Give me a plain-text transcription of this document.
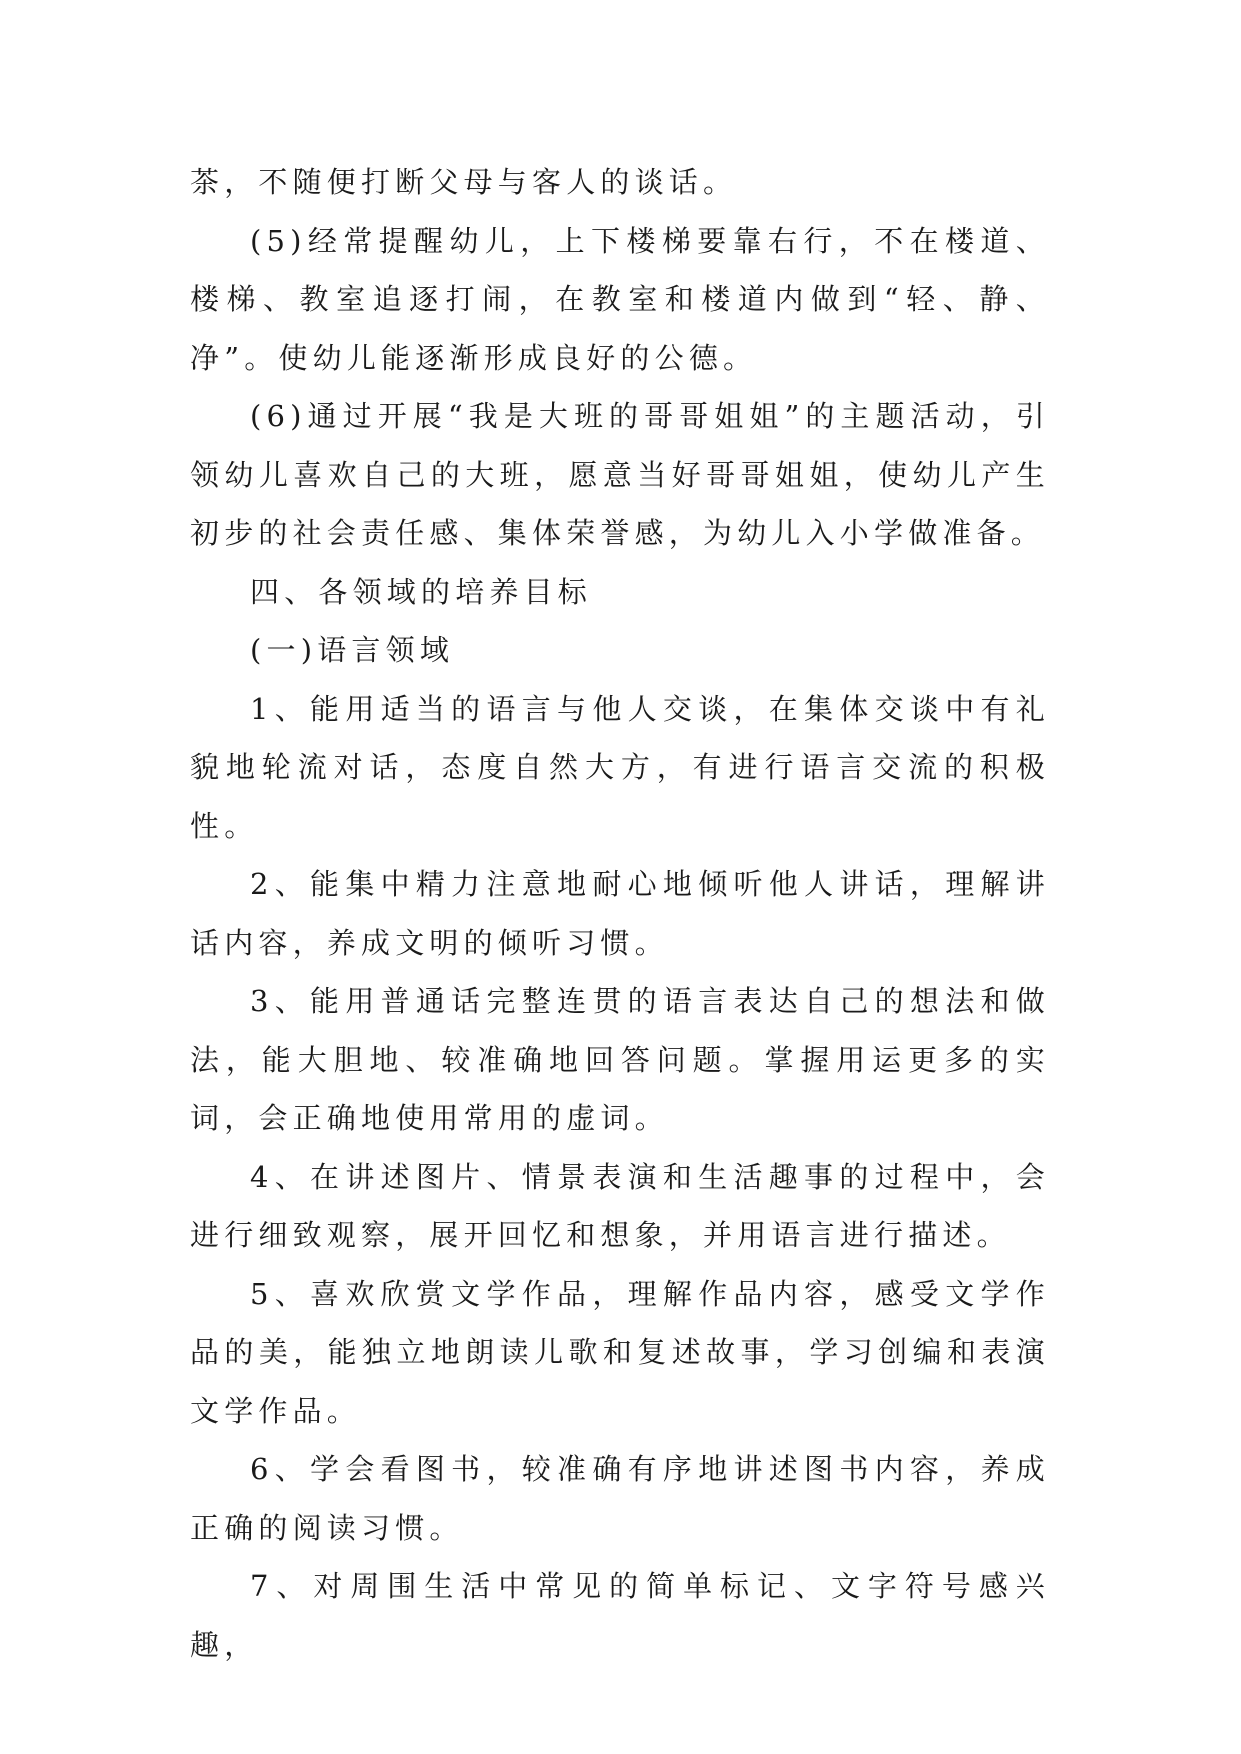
茶，不随便打断父母与客人的谈话。

(5)经常提醒幼儿，上下楼梯要靠右行，不在楼道、楼梯、教室追逐打闹，在教室和楼道内做到“轻、静、净”。使幼儿能逐渐形成良好的公德。

(6)通过开展“我是大班的哥哥姐姐”的主题活动，引领幼儿喜欢自己的大班，愿意当好哥哥姐姐，使幼儿产生初步的社会责任感、集体荣誉感，为幼儿入小学做准备。

四、各领域的培养目标

(一)语言领域

1、能用适当的语言与他人交谈，在集体交谈中有礼貌地轮流对话，态度自然大方，有进行语言交流的积极性。

2、能集中精力注意地耐心地倾听他人讲话，理解讲话内容，养成文明的倾听习惯。

3、能用普通话完整连贯的语言表达自己的想法和做法，能大胆地、较准确地回答问题。掌握用运更多的实词，会正确地使用常用的虚词。

4、在讲述图片、情景表演和生活趣事的过程中，会进行细致观察，展开回忆和想象，并用语言进行描述。

5、喜欢欣赏文学作品，理解作品内容，感受文学作品的美，能独立地朗读儿歌和复述故事，学习创编和表演文学作品。

6、学会看图书，较准确有序地讲述图书内容，养成正确的阅读习惯。

7、对周围生活中常见的简单标记、文字符号感兴趣，
